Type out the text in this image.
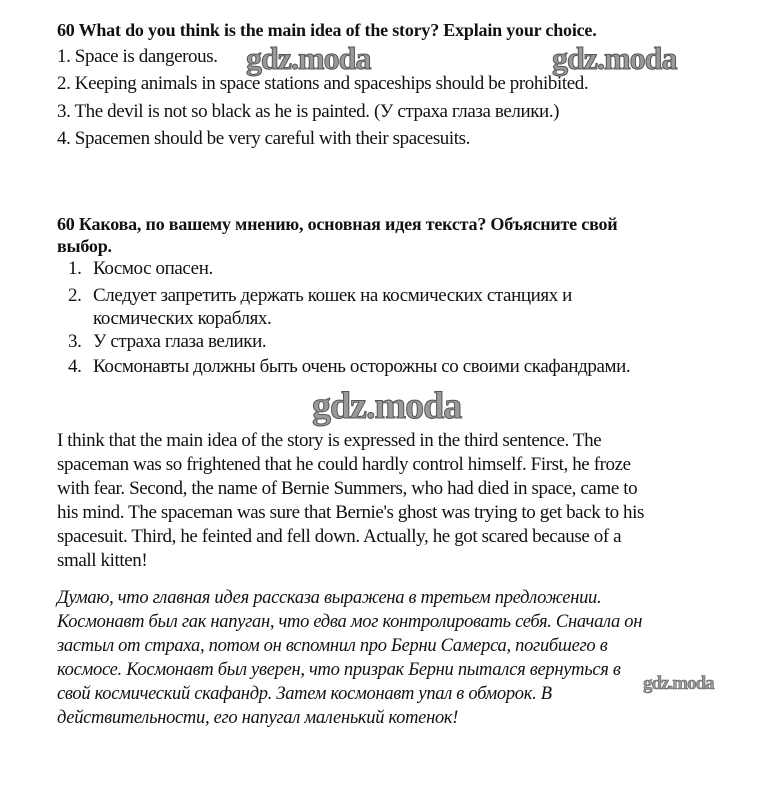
60 What do you think is the main idea of the story? Explain your choice.
1. Space is dangerous.
2. Keeping animals in space stations and spaceships should be prohibited.
3. The devil is not so black as he is painted. (У страха глаза велики.)
4. Spacemen should be very careful with their spacesuits.
gdz.moda	gdz.moda
60 Какова, по вашему мнению, основная идея текста? Объясните свой
выбор.
1. Космос опасен.
2. Следует запретить держать кошек на космических станциях и
космических кораблях.
3. У страха глаза велики.
4. Космонавты должны быть очень осторожны со своими скафандрами.
gdz.moda
I think that the main idea of the story is expressed in the third sentence. The
spaceman was so frightened that he could hardly control himself. First, he froze
with fear. Second, the name of Bernie Summers, who had died in space, came to
his mind. The spaceman was sure that Bernie's ghost was trying to get back to his
spacesuit. Third, he feinted and fell down. Actually, he got scared because of a
small kitten!
Думаю, что главная идея рассказа выражена в третьем предложении.
Космонавт был гак напуган, что едва мог контролировать себя. Сначала он
застыл от страха, потом он вспомнил про Берни Самерса, погибшего в
космосе. Космонавт был уверен, что призрак Берни пытался вернуться в
свой космический скафандр. Затем космонавт упал в обморок. В
действительности, его напугал маленький котенок!
gdz.moda
